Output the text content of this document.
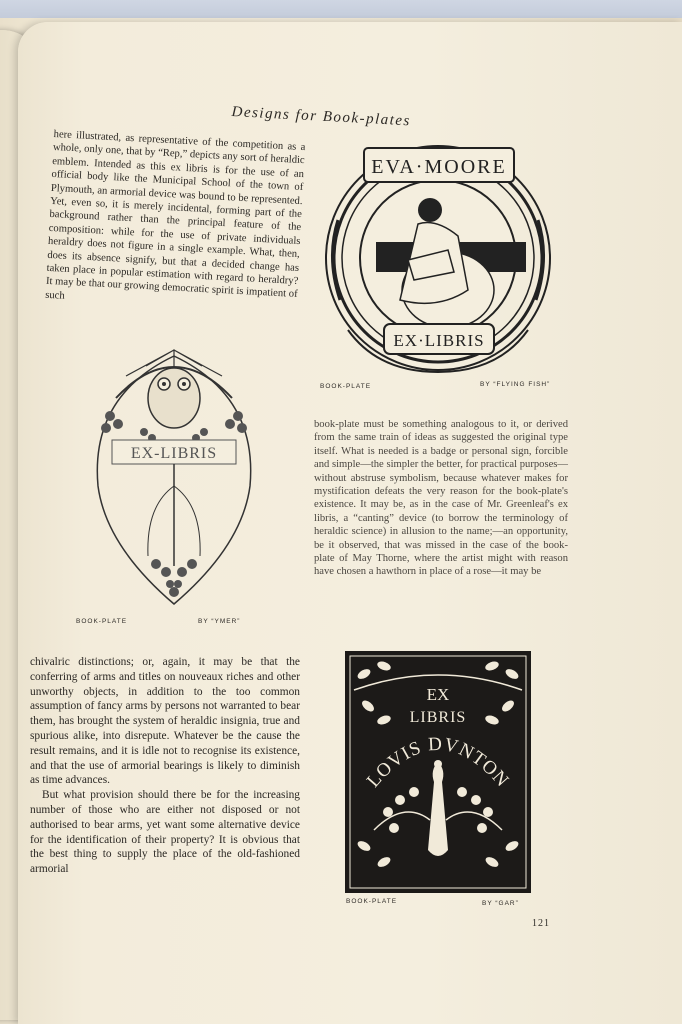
Designs for Book-plates

here illustrated, as representative of the competition as a whole, only one, that by “Rep,” depicts any sort of heraldic emblem. Intended as this ex libris is for the use of an official body like the Municipal School of the town of Plymouth, an armorial device was bound to be represented. Yet, even so, it is merely incidental, forming part of the background rather than the principal feature of the composition: while for the use of private individuals heraldry does not figure in a single example. What, then, does its absence signify, but that a decided change has taken place in popular estimation with regard to heraldry? It may be that our growing democratic spirit is impatient of such

EVA·MOORE
EX·LIBRIS
BOOK-PLATE	BY “FLYING FISH”
EX-LIBRIS
BOOK-PLATE	BY “YMER”

book-plate must be something analogous to it, or derived from the same train of ideas as suggested the original type itself. What is needed is a badge or personal sign, forcible and simple—the simpler the better, for practical purposes—without abstruse symbolism, because whatever makes for mystification defeats the very reason for the book-plate's existence. It may be, as in the case of Mr. Greenleaf's ex libris, a “canting” device (to borrow the terminology of heraldic science) in allusion to the name;—an opportunity, be it observed, that was missed in the case of the book-plate of May Thorne, where the artist might with reason have chosen a hawthorn in place of a rose—it may be

chivalric distinctions; or, again, it may be that the conferring of arms and titles on nouveaux riches and other unworthy objects, in addition to the too common assumption of fancy arms by persons not warranted to bear them, has brought the system of heraldic insignia, true and spurious alike, into disrepute. Whatever be the cause the result remains, and it is idle not to recognise its existence, and that the use of armorial bearings is likely to diminish as time advances.

But what provision should there be for the increasing number of those who are either not disposed or not authorised to bear arms, yet want some alternative device for the identification of their property? It is obvious that the best thing to supply the place of the old-fashioned armorial

EX
LIBRIS
LOVIS DVNTON
BOOK-PLATE	BY “GAR”
121
